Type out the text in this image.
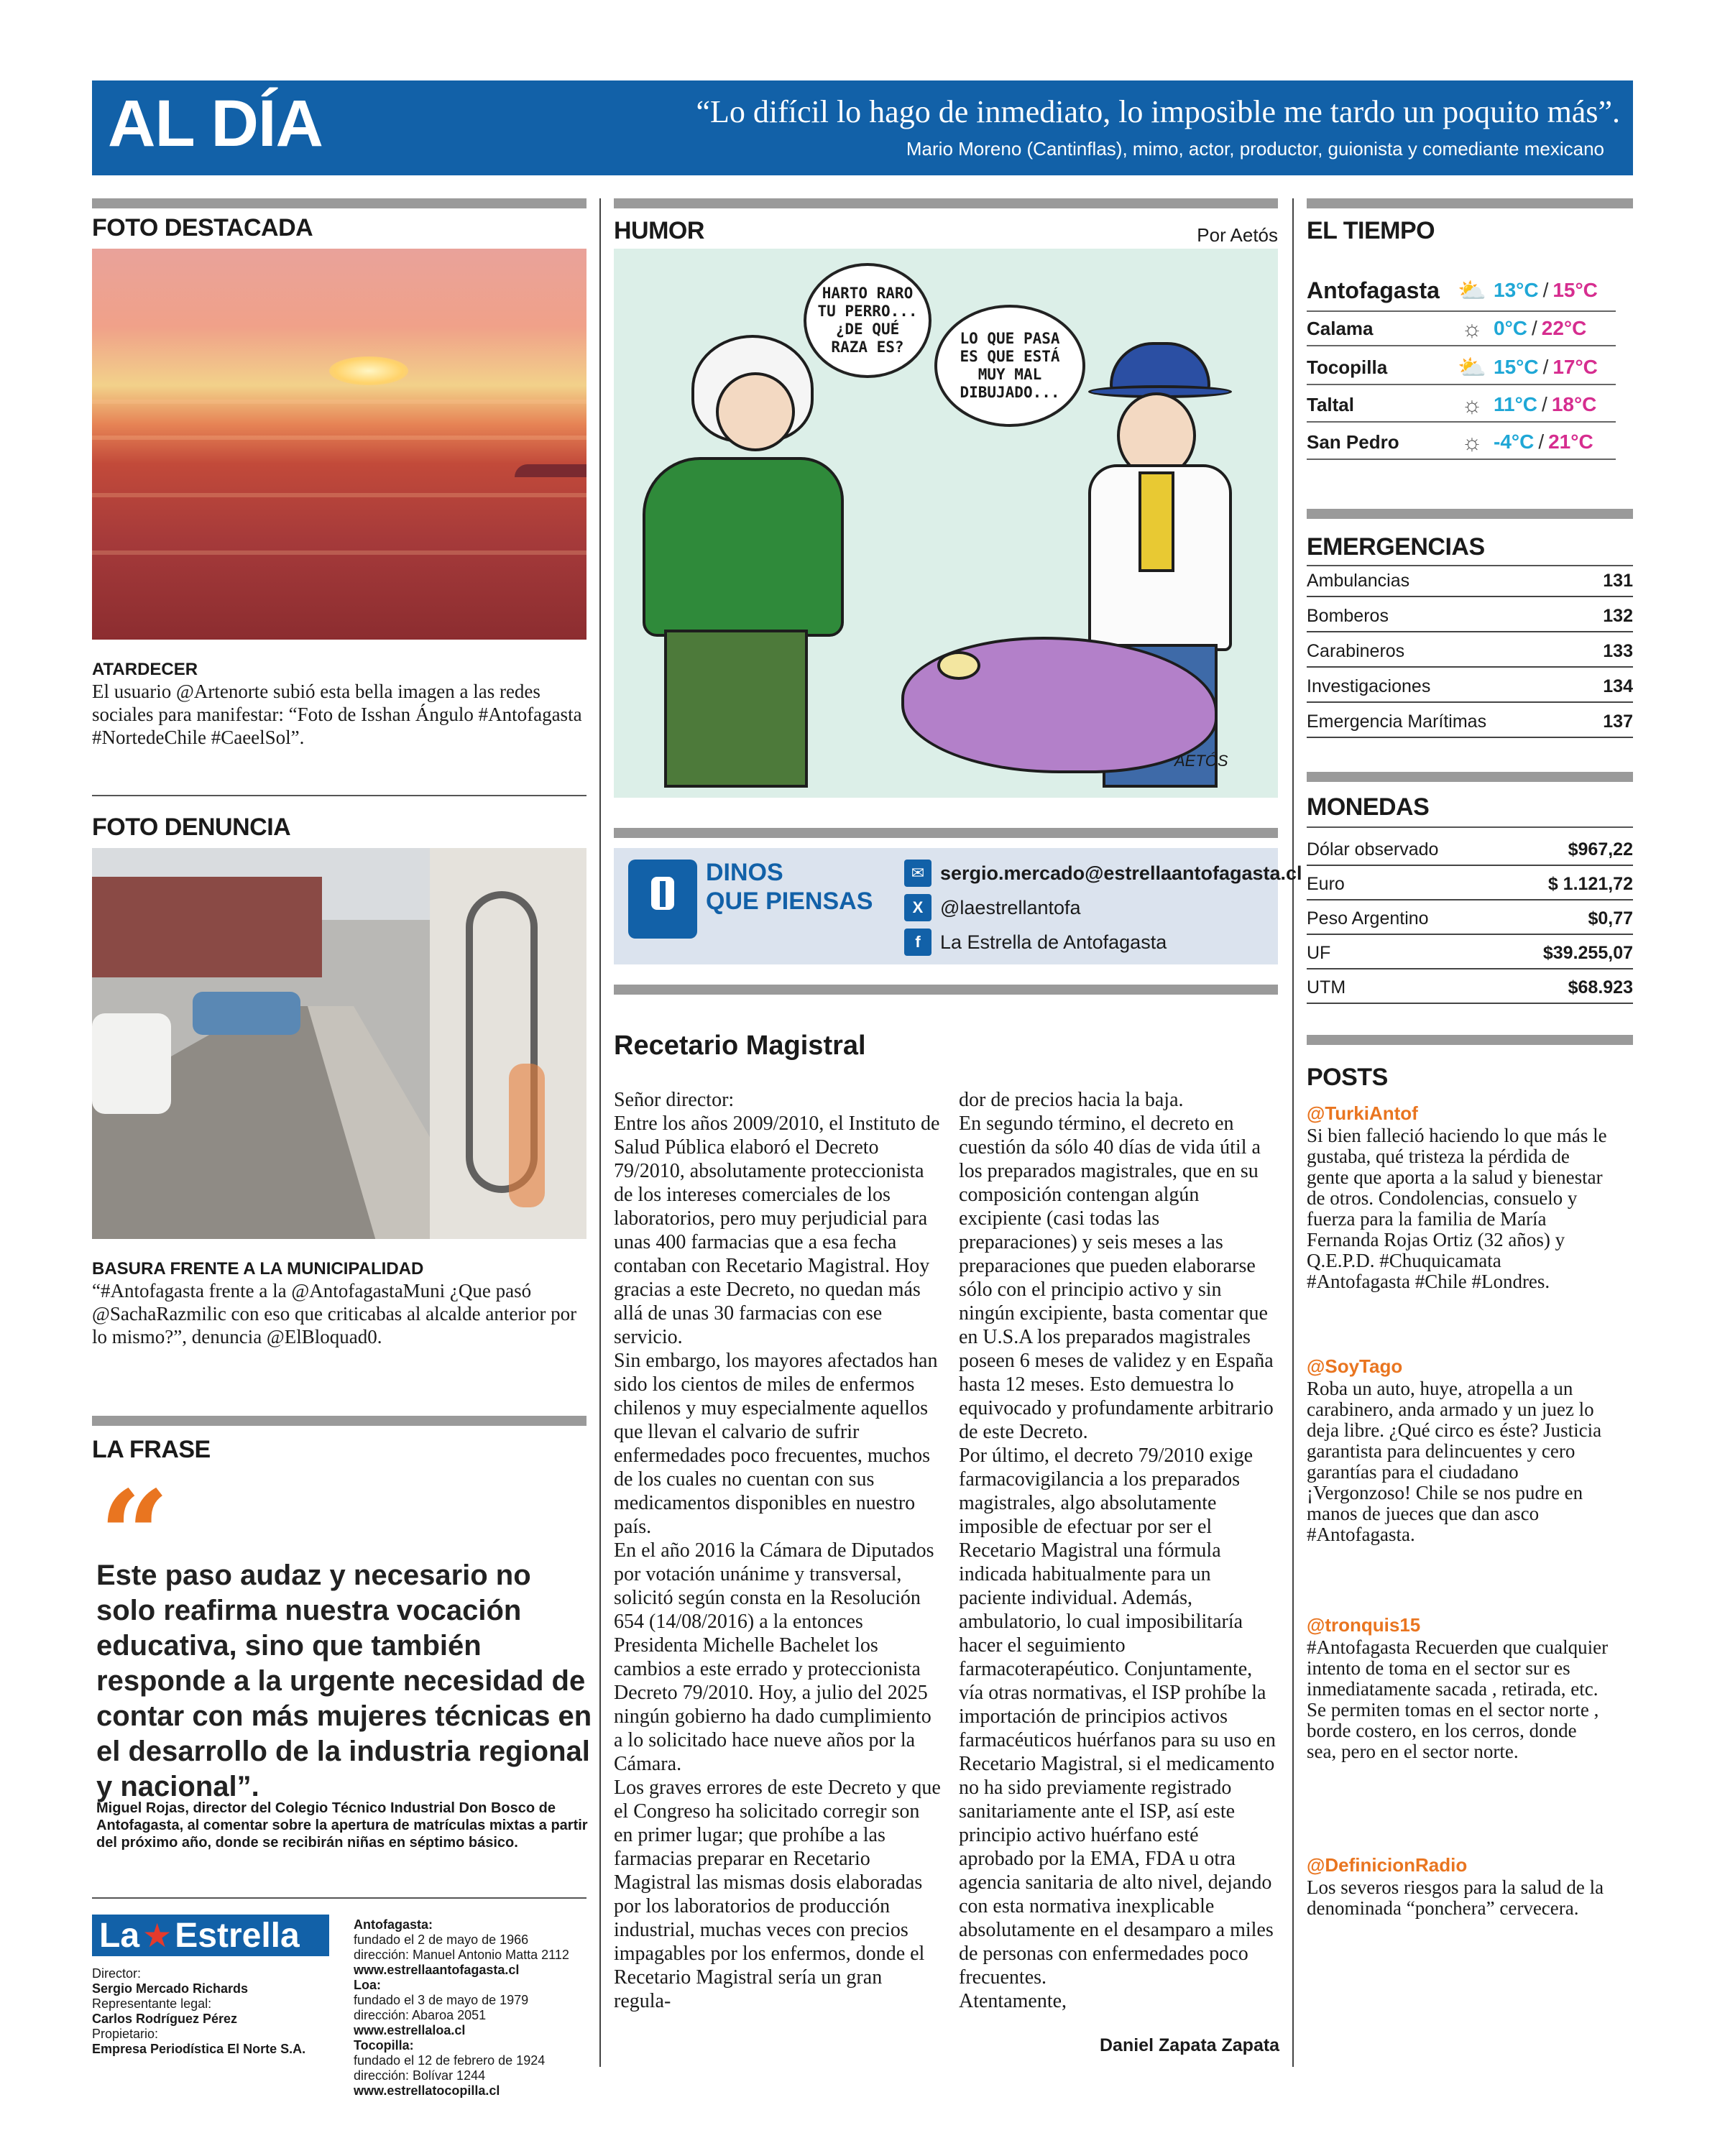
AL DÍA	“Lo difícil lo hago de inmediato, lo imposible me tardo un poquito más”.
Mario Moreno (Cantinflas), mimo, actor, productor, guionista y comediante mexicano
FOTO DESTACADA
ATARDECER
El usuario @Artenorte subió esta bella imagen a las redes sociales para manifestar: “Foto de Isshan Ángulo #Antofagasta #NortedeChile #CaeelSol”.
FOTO DENUNCIA
BASURA FRENTE A LA MUNICIPALIDAD
“#Antofagasta frente a la @AntofagastaMuni ¿Que pasó @SachaRazmilic con eso que criticabas al alcalde anterior por lo mismo?”, denuncia @ElBloquad0.
LA FRASE
“
Este paso audaz y necesario no solo reafirma nuestra vocación educativa, sino que también responde a la urgente necesidad de contar con más mujeres técnicas en el desarrollo de la industria regional y nacional”.
Miguel Rojas, director del Colegio Técnico Industrial Don Bosco de Antofagasta, al comentar sobre la apertura de matrículas mixtas a partir del próximo año, donde se recibirán niñas en séptimo básico.
La ★ Estrella
Director:
Sergio Mercado Richards
Representante legal:
Carlos Rodríguez Pérez
Propietario:
Empresa Periodística El Norte S.A.
Antofagasta:
fundado el 2 de mayo de 1966
dirección: Manuel Antonio Matta 2112
www.estrellaantofagasta.cl
Loa:
fundado el 3 de mayo de 1979
dirección: Abaroa 2051
www.estrellaloa.cl
Tocopilla:
fundado el 12 de febrero de 1924
dirección: Bolívar 1244
www.estrellatocopilla.cl
HUMOR	Por Aetós
HARTO RARO TU PERRO... ¿DE QUÉ RAZA ES?	LO QUE PASA ES QUE ESTÁ MUY MAL DIBUJADO...
AETÓS
DINOS
QUE PIENSAS
✉ sergio.mercado@estrellaantofagasta.cl
X @laestrellantofa
f	La Estrella de Antofagasta
Recetario Magistral
Señor director:
Entre los años 2009/2010, el Instituto de Salud Pública elaboró el Decreto 79/2010, absolutamente proteccionista de los intereses comerciales de los laboratorios, pero muy perjudicial para unas 400 farmacias que a esa fecha contaban con Recetario Magistral. Hoy gracias a este Decreto, no quedan más allá de unas 30 farmacias con ese servicio.
Sin embargo, los mayores afectados han sido los cientos de miles de enfermos chilenos y muy especialmente aquellos que llevan el calvario de sufrir enfermedades poco frecuentes, muchos de los cuales no cuentan con sus medicamentos disponibles en nuestro país.
En el año 2016 la Cámara de Diputados por votación unánime y transversal, solicitó según consta en la Resolución 654 (14/08/2016) a la entonces Presidenta Michelle Bachelet los cambios a este errado y proteccionista Decreto 79/2010. Hoy, a julio del 2025 ningún gobierno ha dado cumplimiento a lo solicitado hace nueve años por la Cámara.
Los graves errores de este Decreto y que el Congreso ha solicitado corregir son en primer lugar; que prohíbe a las farmacias preparar en Recetario Magistral las mismas dosis elaboradas por los laboratorios de producción industrial, muchas veces con precios impagables por los enfermos, donde el Recetario Magistral sería un gran regula-
dor de precios hacia la baja.
En segundo término, el decreto en cuestión da sólo 40 días de vida útil a los preparados magistrales, que en su composición contengan algún excipiente (casi todas las preparaciones) y seis meses a las preparaciones que pueden elaborarse sólo con el principio activo y sin ningún excipiente, basta comentar que en U.S.A los preparados magistrales poseen 6 meses de validez y en España hasta 12 meses. Esto demuestra lo equivocado y profundamente arbitrario de este Decreto.
Por último, el decreto 79/2010 exige farmacovigilancia a los preparados magistrales, algo absolutamente imposible de efectuar por ser el Recetario Magistral una fórmula indicada habitualmente para un paciente individual. Además, ambulatorio, lo cual imposibilitaría hacer el seguimiento farmacoterapéutico. Conjuntamente, vía otras normativas, el ISP prohíbe la importación de principios activos farmacéuticos huérfanos para su uso en Recetario Magistral, si el medicamento no ha sido previamente registrado sanitariamente ante el ISP, así este principio activo huérfano esté aprobado por la EMA, FDA u otra agencia sanitaria de alto nivel, dejando con esta normativa inexplicable absolutamente en el desamparo a miles de personas con enfermedades poco frecuentes.
Atentamente,
Daniel Zapata Zapata
EL TIEMPO
Antofagasta ⛅ 13°C / 15°C
Calama	☼ 0°C / 22°C
Tocopilla	⛅ 15°C / 17°C
Taltal	☼ 11°C / 18°C
San Pedro	☼ -4°C / 21°C
EMERGENCIAS
Ambulancias	131
Bomberos	132
Carabineros	133
Investigaciones	134
Emergencia Marítimas	137
MONEDAS
Dólar observado	$967,22
Euro	$ 1.121,72
Peso Argentino	$0,77
UF	$39.255,07
UTM	$68.923
POSTS
@TurkiAntof
Si bien falleció haciendo lo que más le gustaba, qué tristeza la pérdida de gente que aporta a la salud y bienestar de otros. Condolencias, consuelo y fuerza para la familia de María Fernanda Rojas Ortiz (32 años) y Q.E.P.D. #Chuquicamata #Antofagasta #Chile #Londres.
@SoyTago
Roba un auto, huye, atropella a un carabinero, anda armado y un juez lo deja libre. ¿Qué circo es éste? Justicia garantista para delincuentes y cero garantías para el ciudadano ¡Vergonzoso! Chile se nos pudre en manos de jueces que dan asco #Antofagasta.
@tronquis15
#Antofagasta Recuerden que cualquier intento de toma en el sector sur es inmediatamente sacada , retirada, etc. Se permiten tomas en el sector norte , borde costero, en los cerros, donde sea, pero en el sector norte.
@DefinicionRadio
Los severos riesgos para la salud de la denominada “ponchera” cervecera.
